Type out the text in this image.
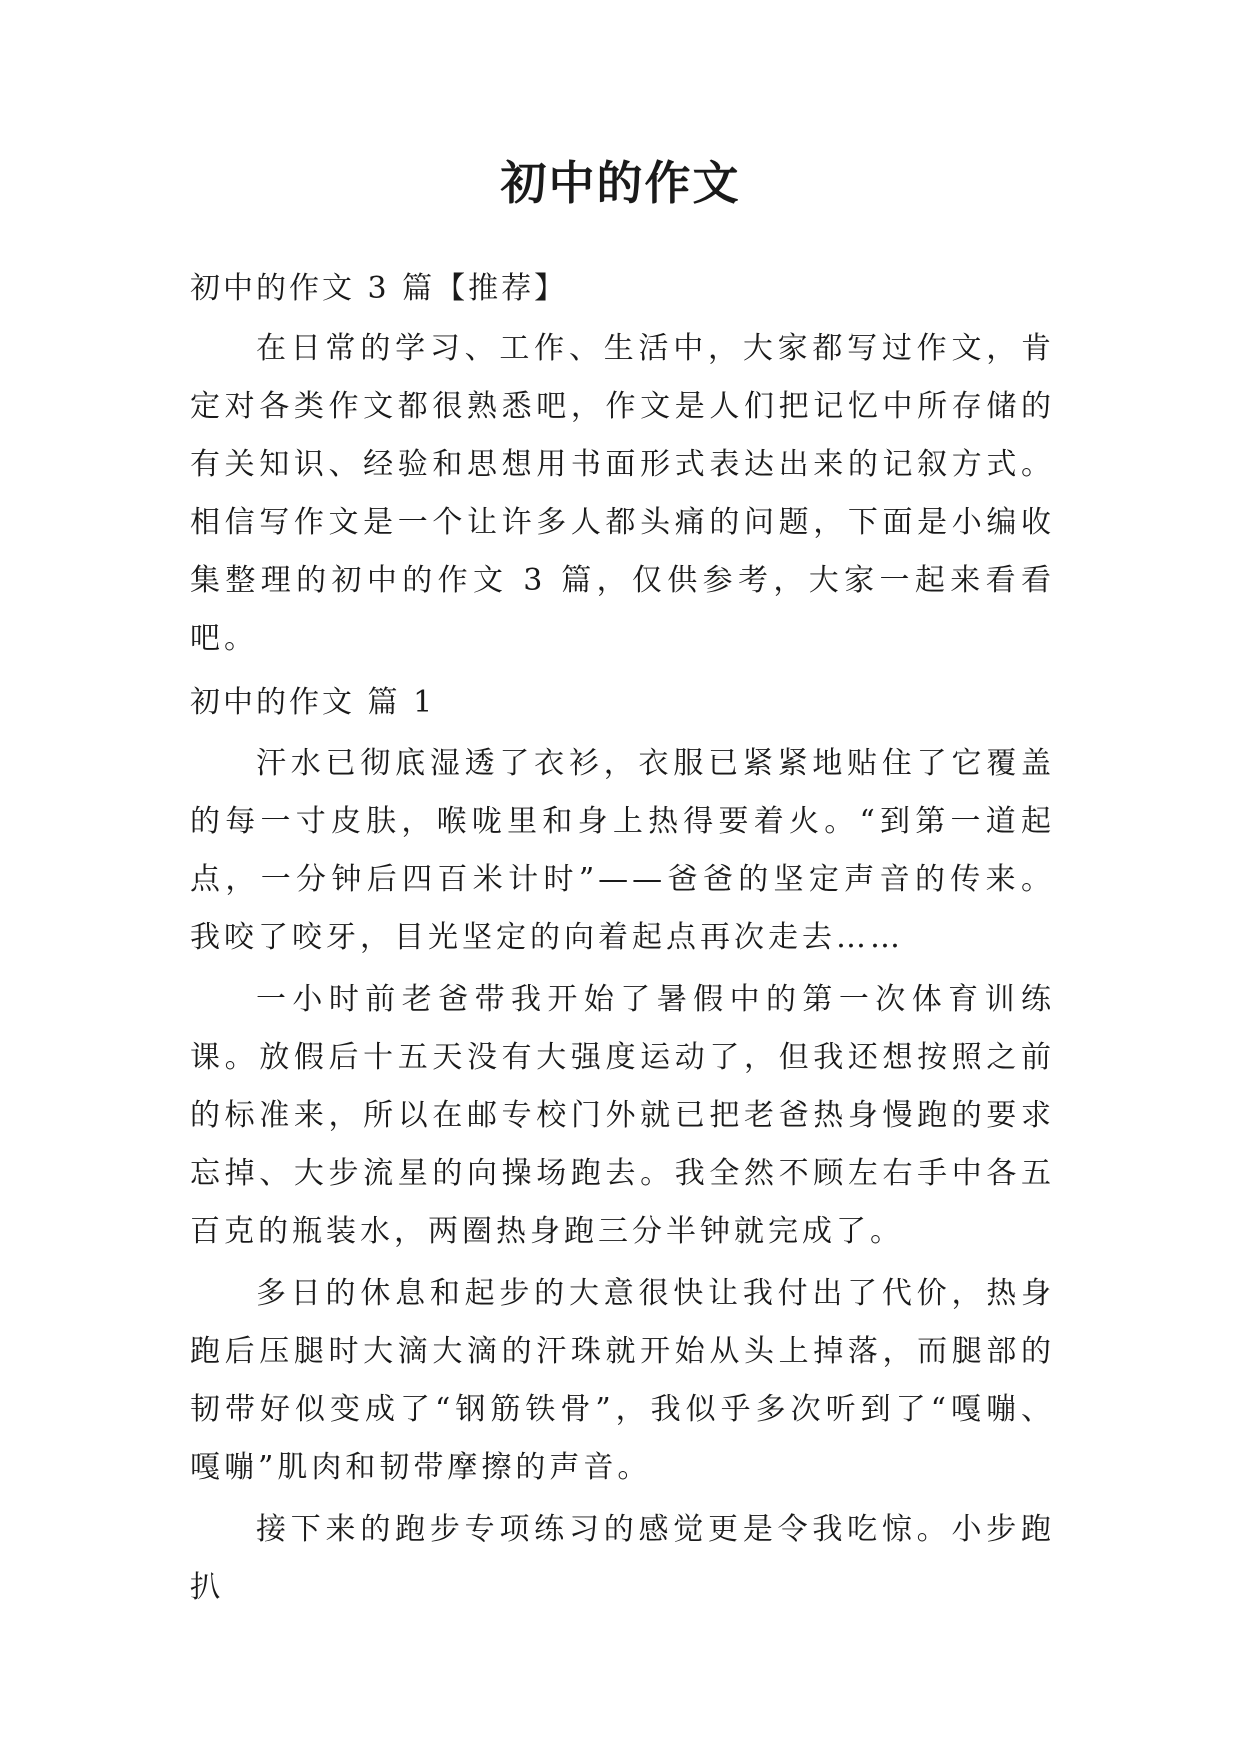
初中的作文

初中的作文 3 篇【推荐】

在日常的学习、工作、生活中，大家都写过作文，肯定对各类作文都很熟悉吧，作文是人们把记忆中所存储的有关知识、经验和思想用书面形式表达出来的记叙方式。相信写作文是一个让许多人都头痛的问题，下面是小编收集整理的初中的作文 3 篇，仅供参考，大家一起来看看吧。

初中的作文 篇 1

汗水已彻底湿透了衣衫，衣服已紧紧地贴住了它覆盖的每一寸皮肤，喉咙里和身上热得要着火。“到第一道起点，一分钟后四百米计时”——爸爸的坚定声音的传来。我咬了咬牙，目光坚定的向着起点再次走去……

一小时前老爸带我开始了暑假中的第一次体育训练课。放假后十五天没有大强度运动了，但我还想按照之前的标准来，所以在邮专校门外就已把老爸热身慢跑的要求忘掉、大步流星的向操场跑去。我全然不顾左右手中各五百克的瓶装水，两圈热身跑三分半钟就完成了。

多日的休息和起步的大意很快让我付出了代价，热身跑后压腿时大滴大滴的汗珠就开始从头上掉落，而腿部的韧带好似变成了“钢筋铁骨”，我似乎多次听到了“嘎嘣、嘎嘣”肌肉和韧带摩擦的声音。

接下来的跑步专项练习的感觉更是令我吃惊。小步跑扒
